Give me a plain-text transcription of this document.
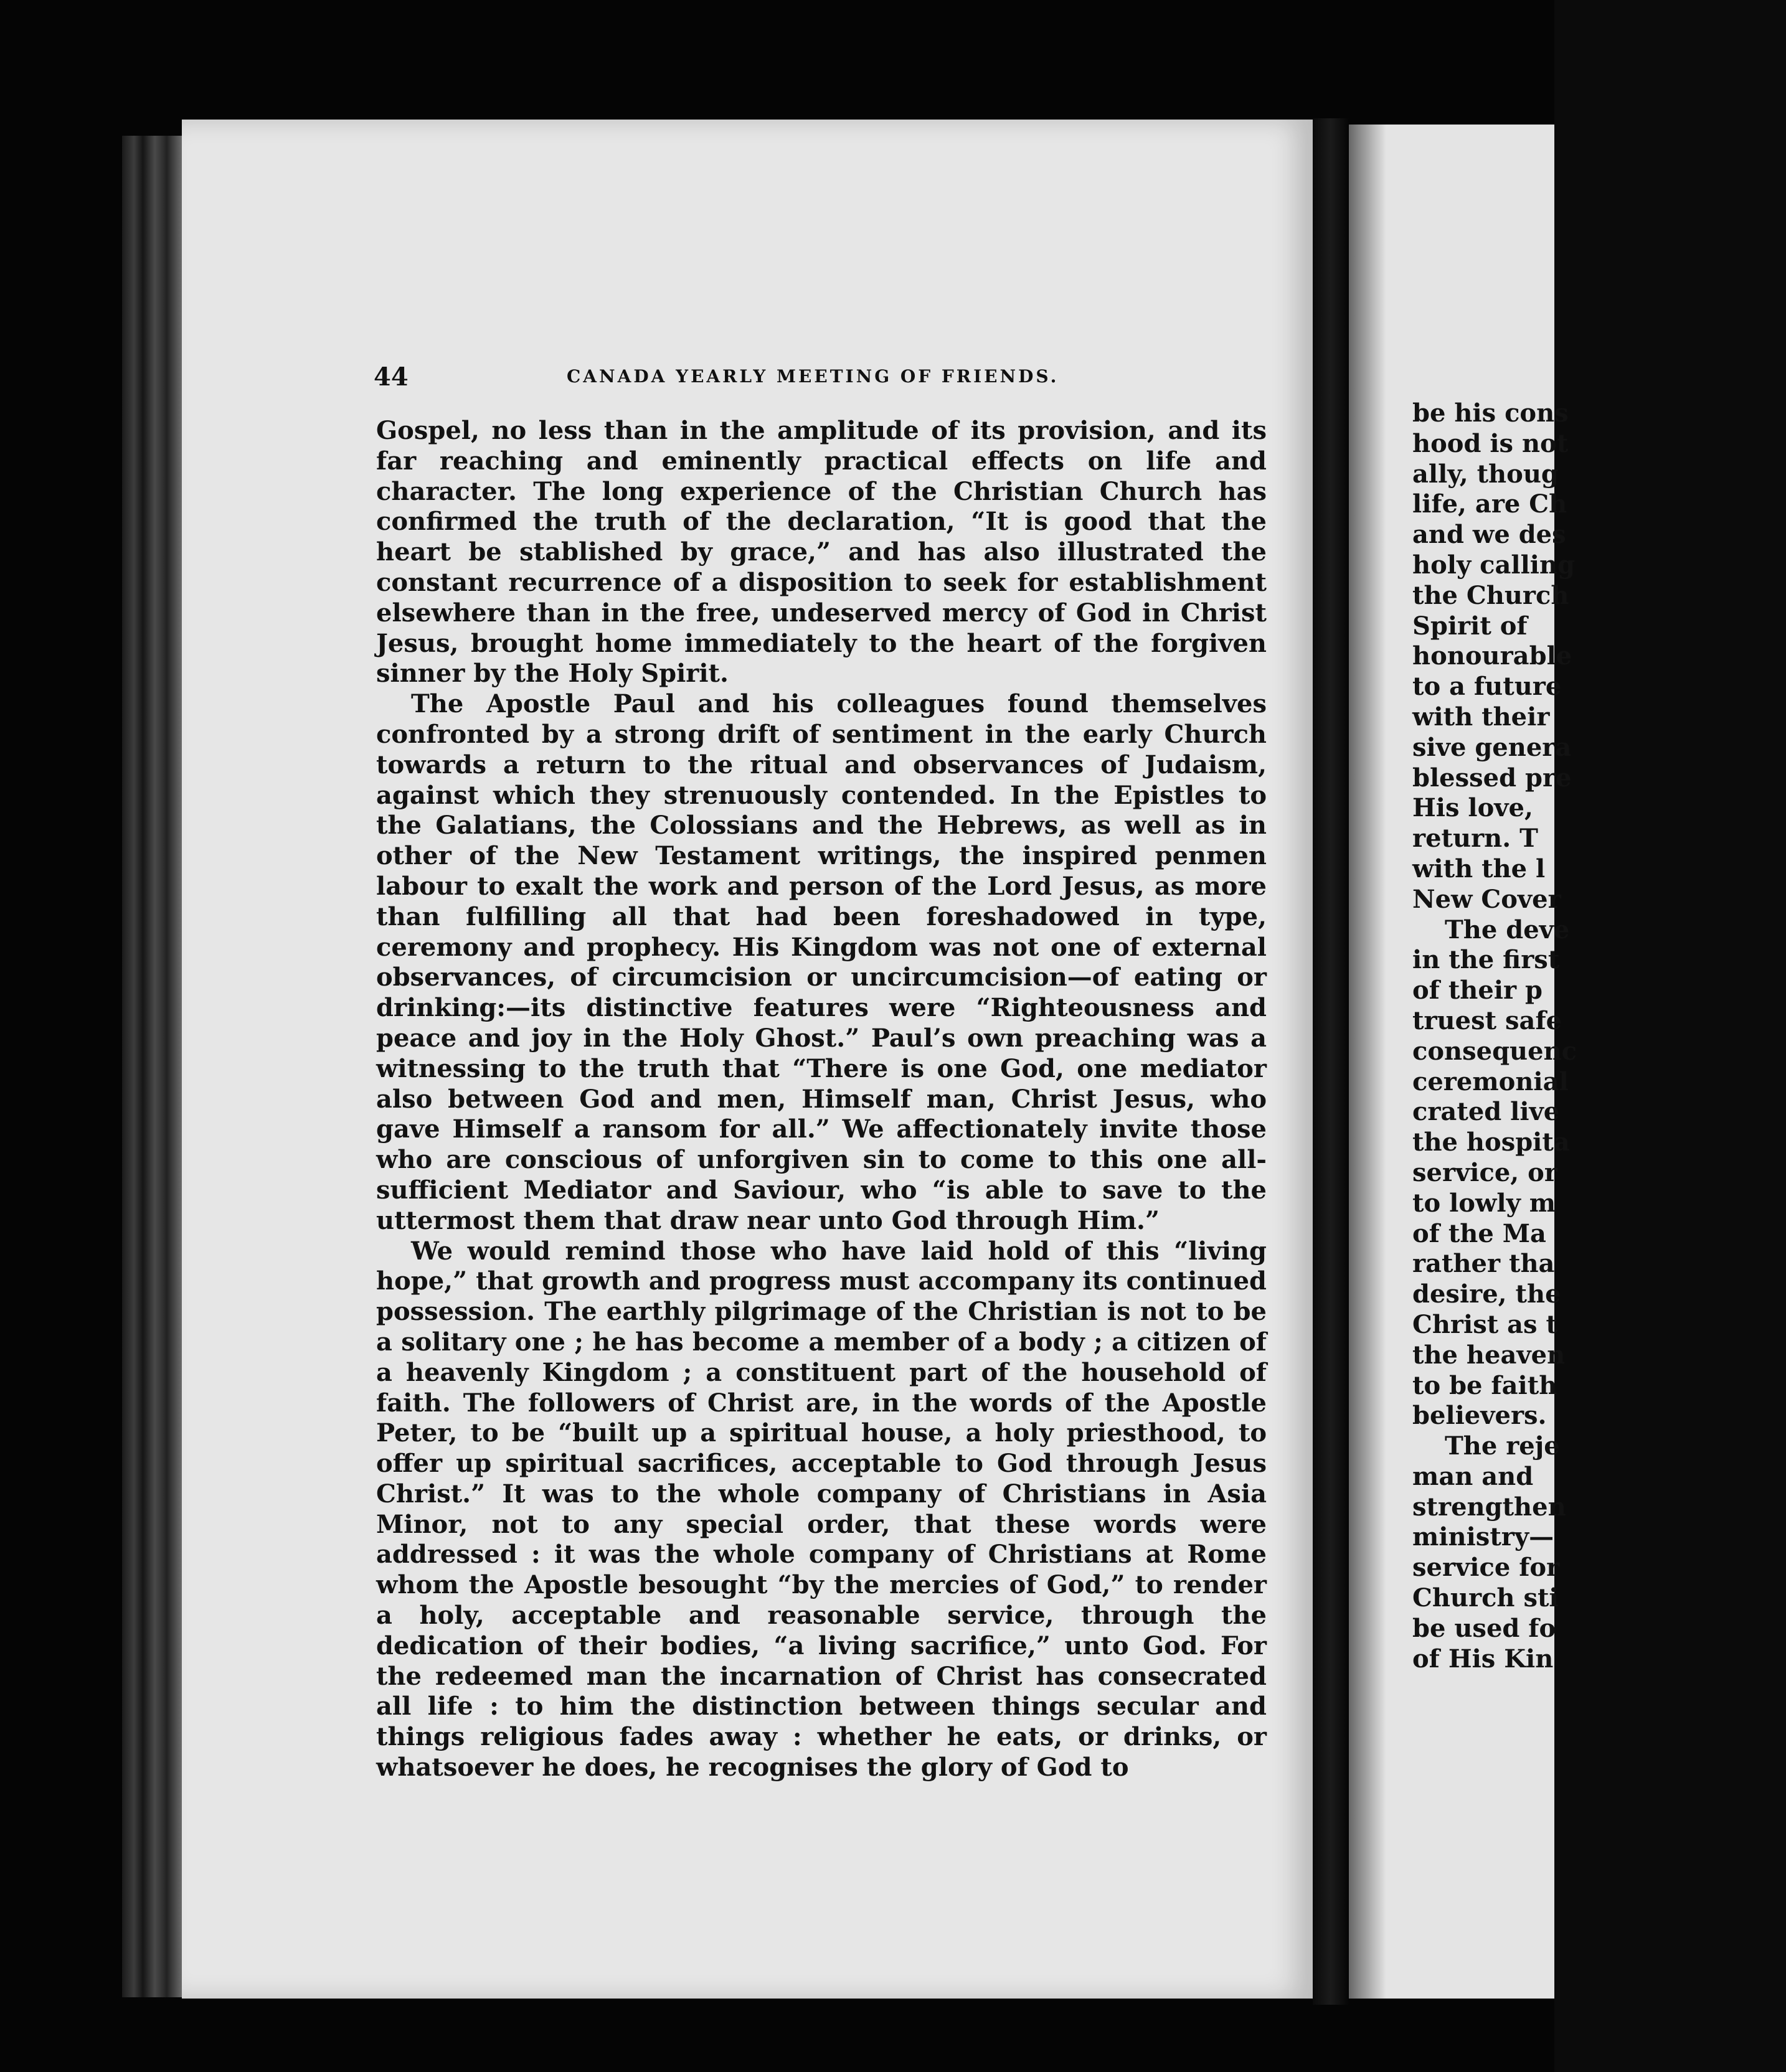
44	CANADA YEARLY MEETING OF FRIENDS.

Gospel, no less than in the amplitude of its provision, and its far reaching and eminently practical effects on life and character. The long experience of the Christian Church has confirmed the truth of the declaration, “It is good that the heart be stablished by grace,” and has also illustrated the constant recurrence of a disposition to seek for establishment elsewhere than in the free, undeserved mercy of God in Christ Jesus, brought home immediately to the heart of the forgiven sinner by the Holy Spirit.

The Apostle Paul and his colleagues found themselves confronted by a strong drift of sentiment in the early Church towards a return to the ritual and observances of Judaism, against which they strenuously contended. In the Epistles to the Galatians, the Colossians and the Hebrews, as well as in other of the New Testament writings, the inspired penmen labour to exalt the work and person of the Lord Jesus, as more than fulfilling all that had been foreshadowed in type, ceremony and prophecy. His Kingdom was not one of external observances, of circumcision or uncircumcision—of eating or drinking:—its distinctive features were “Righteousness and peace and joy in the Holy Ghost.” Paul’s own preaching was a witnessing to the truth that “There is one God, one mediator also between God and men, Himself man, Christ Jesus, who gave Himself a ransom for all.” We affectionately invite those who are conscious of unforgiven sin to come to this one all-sufficient Mediator and Saviour, who “is able to save to the uttermost them that draw near unto God through Him.”

We would remind those who have laid hold of this “living hope,” that growth and progress must accompany its continued possession. The earthly pilgrimage of the Christian is not to be a solitary one ; he has become a member of a body ; a citizen of a heavenly Kingdom ; a constituent part of the household of faith. The followers of Christ are, in the words of the Apostle Peter, to be “built up a spiritual house, a holy priesthood, to offer up spiritual sacrifices, acceptable to God through Jesus Christ.” It was to the whole company of Christians in Asia Minor, not to any special order, that these words were addressed : it was the whole company of Christians at Rome whom the Apostle besought “by the mercies of God,” to render a holy, acceptable and reasonable service, through the dedication of their bodies, “a living sacrifice,” unto God. For the redeemed man the incarnation of Christ has consecrated all life : to him the distinction between things secular and things religious fades away : whether he eats, or drinks, or whatsoever he does, he recognises the glory of God to

be his cons
hood is not
ally, thoug
life, are Ch
and we des
holy calling
the Church
Spirit of
honourable
to a future
with their
sive genera
blessed pre
His love,
return. T
with the l
New Cover
The deve
in the first
of their p
truest safe
consequenc
ceremonial
crated live
the hospita
service, or
to lowly m
of the Ma
rather tha
desire, the
Christ as t
the heaven
to be faith
believers.
The reje
man and
strengthen
ministry—
service for
Church sti
be used fo
of His Kin
